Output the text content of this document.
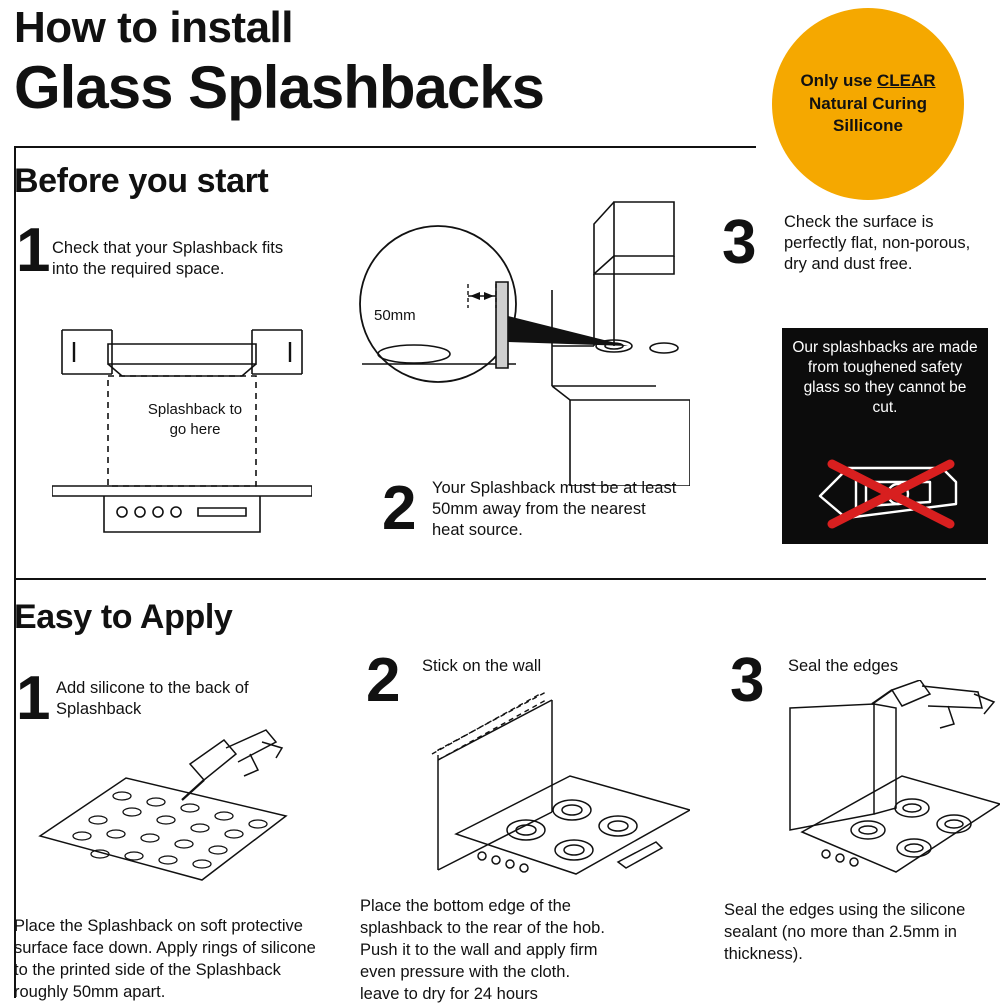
How to install
Glass Splashbacks	Only use CLEAR
Natural Curing
Sillicone
Before you start
1 Check that your Splashback fits into the required space.
2 Your Splashback must be at least 50mm away from the nearest heat source.
3 Check the surface is perfectly flat, non-porous, dry and dust free.
Splashback to
go here
50mm
Our splashbacks are made from toughened safety glass so they cannot be cut.
Easy to Apply
1 Add silicone to the back of Splashback
Place the Splashback on soft protective surface face down. Apply rings of silicone to the printed side of the Splashback roughly 50mm apart.
2 Stick on the wall
Place the bottom edge of the splashback to the rear of the hob. Push it to the wall and apply firm even pressure with the cloth. leave to dry for 24 hours
3 Seal the edges
Seal the edges using the silicone sealant (no more than 2.5mm in thickness).
